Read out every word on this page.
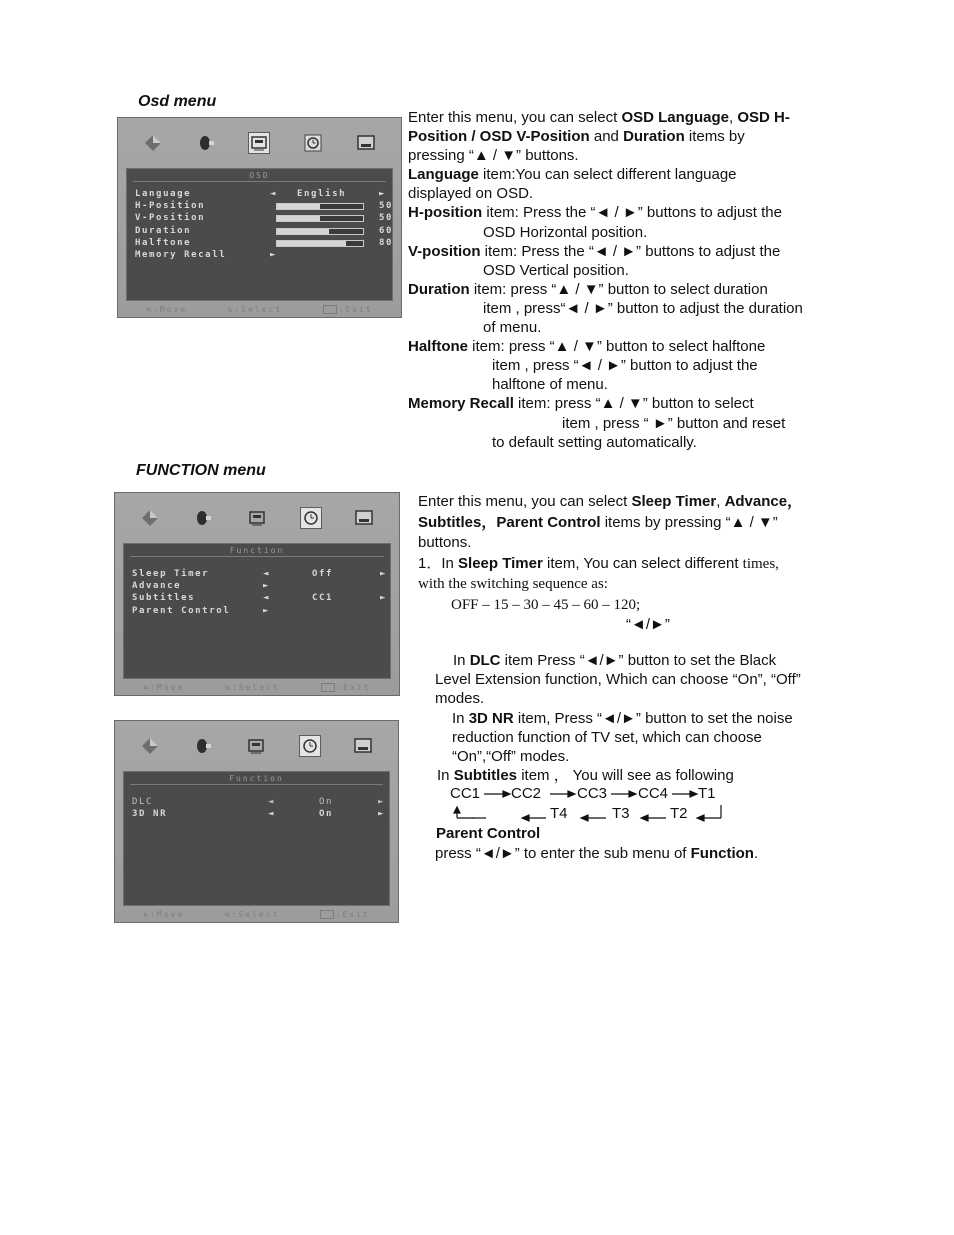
Osd menu
OSD
Language	◄ English	►
H-Position	50
V-Position	50
Duration	60
Halftone	80
Memory Recall	►
⇆:Move	⇅:Select	:Exit
Enter this menu, you can select OSD Language, OSD H-
Position / OSD V-Position and Duration items by
pressing “▲ / ▼” buttons.
Language item:You can select different language
displayed on OSD.
H-position item: Press the “◄ / ►” buttons to adjust the
OSD Horizontal position.
V-position item: Press the “◄ / ►” buttons to adjust the
OSD Vertical position.
Duration item: press “▲ / ▼” button to select duration
item , press“◄ / ►” button to adjust the duration
of menu.
Halftone item: press “▲ / ▼” button to select halftone
item , press “◄ / ►” button to adjust the
halftone of menu.
Memory Recall item: press “▲ / ▼” button to select
item , press “ ►” button and reset
to default setting automatically.
FUNCTION menu
Function
Sleep Timer	◄	Off	►
Advance	►
Subtitles	◄	CC1	►
Parent Control	►
⇆:Move	⇅:Select	:Exit
Function
DLC	◄	On	►
3D NR	◄	On	►
⇅:Move	⇆:Select	:Exit
Enter this menu, you can select Sleep Timer, Advance，
Subtitles，Parent Control items by pressing “▲ / ▼”
buttons.
1．In Sleep Timer item, You can select different times,
with the switching sequence as:
OFF – 15 – 30 – 45 – 60 – 120;
“◄/►”
In DLC item Press “◄/►” button to set the Black
Level Extension function, Which can choose “On”, “Off”
modes.
In 3D NR item, Press “◄/►” button to set the noise
reduction function of TV set, which can choose
“On”,“Off” modes.
In Subtitles item ， You will see as following
CC1 CC2 CC3 CC4 T1
T4	T3	T2
Parent Control
press “◄/►” to enter the sub menu of Function.
